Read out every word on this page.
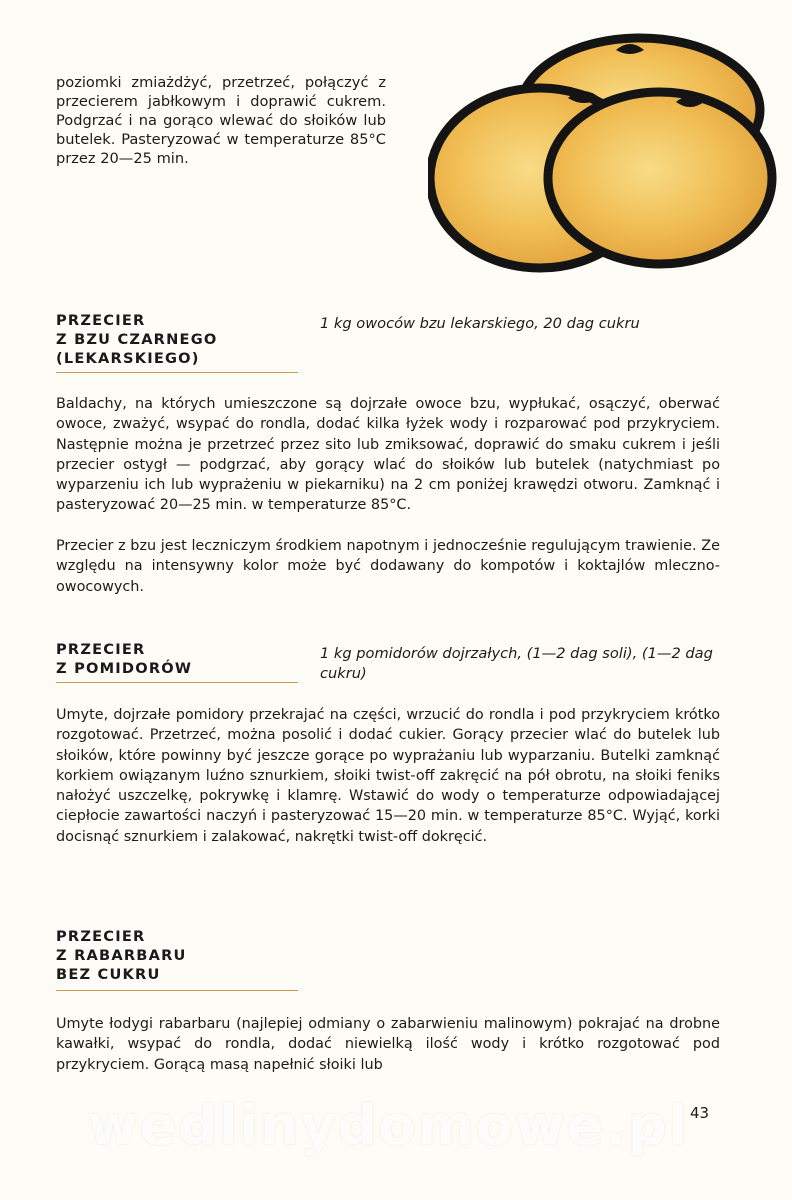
poziomki zmiażdżyć, przetrzeć, połączyć z przecierem jabłkowym i doprawić cukrem. Podgrzać i na gorąco wlewać do słoików lub butelek. Pasteryzować w temperaturze 85°C przez 20—25 min.

PRZECIER
Z BZU CZARNEGO
(LEKARSKIEGO)

1 kg owoców bzu lekarskiego, 20 dag cukru

Baldachy, na których umieszczone są dojrzałe owoce bzu, wypłukać, osączyć, oberwać owoce, zważyć, wsypać do rondla, dodać kilka łyżek wody i rozparować pod przykryciem. Następnie można je przetrzeć przez sito lub zmiksować, doprawić do smaku cukrem i jeśli przecier ostygł — podgrzać, aby gorący wlać do słoików lub butelek (natychmiast po wyparzeniu ich lub wyprażeniu w piekarniku) na 2 cm poniżej krawędzi otworu. Zamknąć i pasteryzować 20—25 min. w temperaturze 85°C.

Przecier z bzu jest leczniczym środkiem napotnym i jednocześnie regulującym trawienie. Ze względu na intensywny kolor może być dodawany do kompotów i koktajlów mleczno-owocowych.

PRZECIER
Z POMIDORÓW

1 kg pomidorów dojrzałych, (1—2 dag soli), (1—2 dag cukru)

Umyte, dojrzałe pomidory przekrajać na części, wrzucić do rondla i pod przykryciem krótko rozgotować. Przetrzeć, można posolić i dodać cukier. Gorący przecier wlać do butelek lub słoików, które powinny być jeszcze gorące po wyprażaniu lub wyparzaniu. Butelki zamknąć korkiem owiązanym luźno sznurkiem, słoiki twist-off zakręcić na pół obrotu, na słoiki feniks nałożyć uszczelkę, pokrywkę i klamrę. Wstawić do wody o temperaturze odpowiadającej ciepłocie zawartości naczyń i pasteryzować 15—20 min. w temperaturze 85°C. Wyjąć, korki docisnąć sznurkiem i zalakować, nakrętki twist-off dokręcić.

PRZECIER
Z RABARBARU
BEZ CUKRU

Umyte łodygi rabarbaru (najlepiej odmiany o zabarwieniu malinowym) pokrajać na drobne kawałki, wsypać do rondla, dodać niewielką ilość wody i krótko rozgotować pod przykryciem. Gorącą masą napełnić słoiki lub

wedlinydomowe.pl 43
